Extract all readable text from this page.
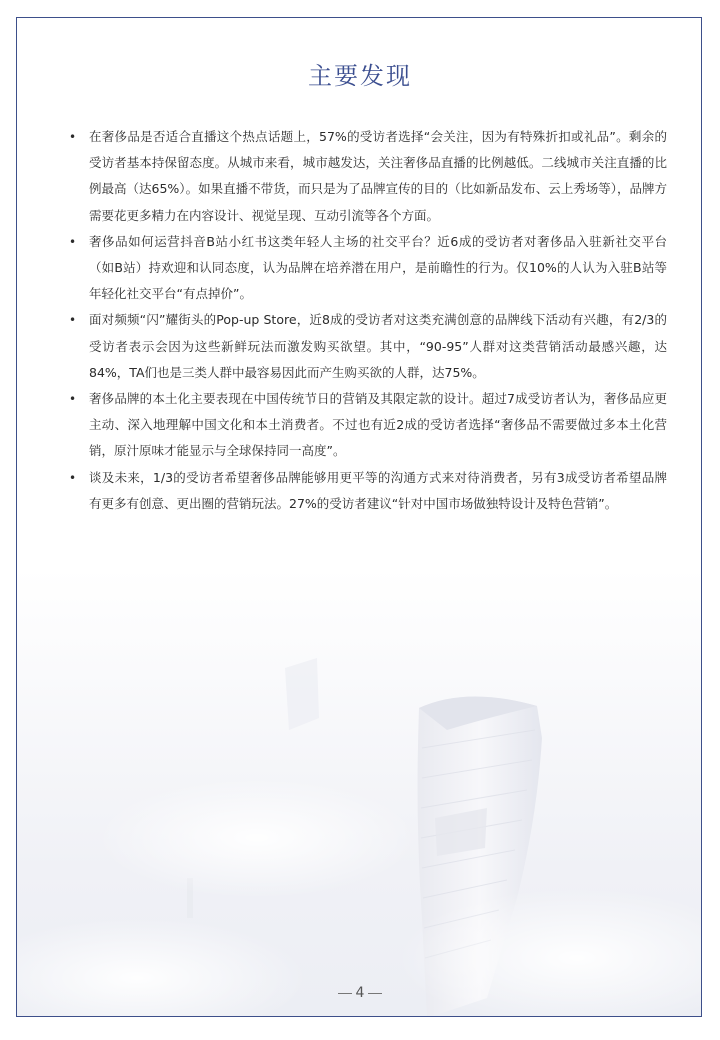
主要发现
• 在奢侈品是否适合直播这个热点话题上，57%的受访者选择“会关注，因为有特殊折扣或礼品”。剩余的受访者基本持保留态度。从城市来看，城市越发达，关注奢侈品直播的比例越低。二线城市关注直播的比例最高（达65%）。如果直播不带货，而只是为了品牌宣传的目的（比如新品发布、云上秀场等），品牌方需要花更多精力在内容设计、视觉呈现、互动引流等各个方面。
• 奢侈品如何运营抖音B站小红书这类年轻人主场的社交平台？近6成的受访者对奢侈品入驻新社交平台（如B站）持欢迎和认同态度，认为品牌在培养潜在用户，是前瞻性的行为。仅10%的人认为入驻B站等年轻化社交平台“有点掉价”。
• 面对频频“闪”耀街头的Pop-up Store，近8成的受访者对这类充满创意的品牌线下活动有兴趣，有2/3的受访者表示会因为这些新鲜玩法而激发购买欲望。其中，“90-95”人群对这类营销活动最感兴趣，达84%，TA们也是三类人群中最容易因此而产生购买欲的人群，达75%。
• 奢侈品牌的本土化主要表现在中国传统节日的营销及其限定款的设计。超过7成受访者认为，奢侈品应更主动、深入地理解中国文化和本土消费者。不过也有近2成的受访者选择“奢侈品不需要做过多本土化营销，原汁原味才能显示与全球保持同一高度”。
• 谈及未来，1/3的受访者希望奢侈品牌能够用更平等的沟通方式来对待消费者，另有3成受访者希望品牌有更多有创意、更出圈的营销玩法。27%的受访者建议“针对中国市场做独特设计及特色营销”。
4
